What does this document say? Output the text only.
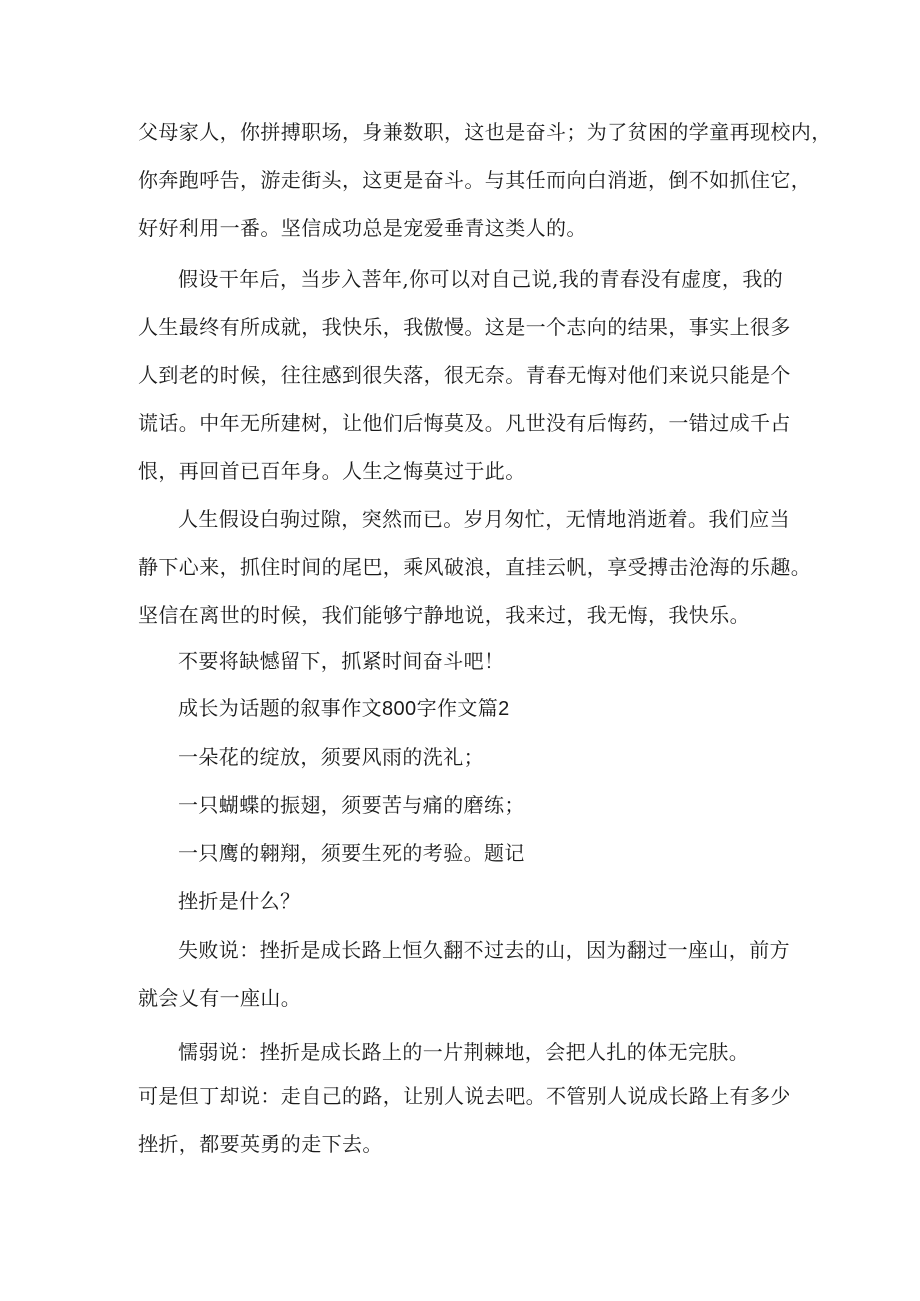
父母家人，你拼搏职场，身兼数职，这也是奋斗；为了贫困的学童再现校内，
你奔跑呼告，游走街头，这更是奋斗。与其任而向白消逝，倒不如抓住它，
好好利用一番。坚信成功总是宠爱垂青这类人的。
假设干年后，当步入菩年,你可以对自己说,我的青春没有虚度，我的
人生最终有所成就，我快乐，我傲慢。这是一个志向的结果，事实上很多
人到老的时候，往往感到很失落，很无奈。青春无悔对他们来说只能是个
谎话。中年无所建树，让他们后悔莫及。凡世没有后悔药，一错过成千占
恨，再回首已百年身。人生之悔莫过于此。
人生假设白驹过隙，突然而已。岁月匆忙，无情地消逝着。我们应当
静下心来，抓住时间的尾巴，乘风破浪，直挂云帆，享受搏击沧海的乐趣。
坚信在离世的时候，我们能够宁静地说，我来过，我无悔，我快乐。
不要将缺憾留下，抓紧时间奋斗吧！
成长为话题的叙事作文800字作文篇2
一朵花的绽放，须要风雨的洗礼；
一只蝴蝶的振翅，须要苦与痛的磨练；
一只鹰的翱翔，须要生死的考验。题记
挫折是什么？
失败说：挫折是成长路上恒久翻不过去的山，因为翻过一座山，前方
就会乂有一座山。
懦弱说：挫折是成长路上的一片荆棘地，会把人扎的体无完肤。
可是但丁却说：走自己的路，让别人说去吧。不管别人说成长路上有多少
挫折，都要英勇的走下去。
